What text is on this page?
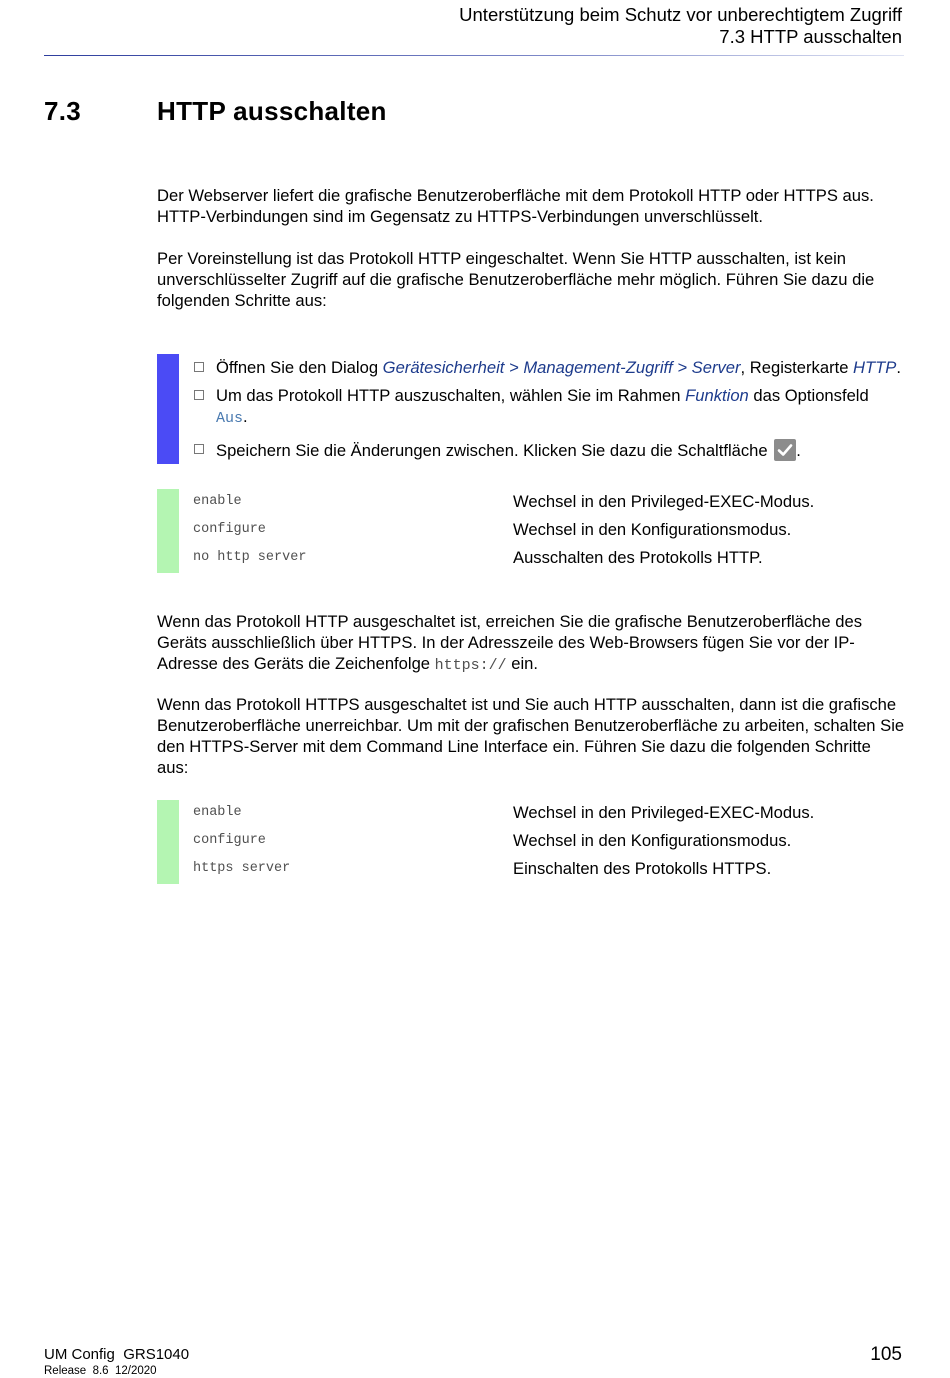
Unterstützung beim Schutz vor unberechtigtem Zugriff
7.3 HTTP ausschalten
7.3	HTTP ausschalten

Der Webserver liefert die grafische Benutzeroberfläche mit dem Protokoll HTTP oder HTTPS aus. HTTP-Verbindungen sind im Gegensatz zu HTTPS-Verbindungen unverschlüsselt.

Per Voreinstellung ist das Protokoll HTTP eingeschaltet. Wenn Sie HTTP ausschalten, ist kein unverschlüsselter Zugriff auf die grafische Benutzeroberfläche mehr möglich. Führen Sie dazu die folgenden Schritte aus:

Öffnen Sie den Dialog Gerätesicherheit > Management-Zugriff > Server, Registerkarte HTTP.
Um das Protokoll HTTP auszuschalten, wählen Sie im Rahmen Funktion das Optionsfeld
Aus.
Speichern Sie die Änderungen zwischen. Klicken Sie dazu die Schaltfläche
.
enable	Wechsel in den Privileged-EXEC-Modus.
configure	Wechsel in den Konfigurationsmodus.
no http server	Ausschalten des Protokolls HTTP.

Wenn das Protokoll HTTP ausgeschaltet ist, erreichen Sie die grafische Benutzeroberfläche des Geräts ausschließlich über HTTPS. In der Adresszeile des Web-Browsers fügen Sie vor der IP-Adresse des Geräts die Zeichenfolge https:// ein.

Wenn das Protokoll HTTPS ausgeschaltet ist und Sie auch HTTP ausschalten, dann ist die grafische Benutzeroberfläche unerreichbar. Um mit der grafischen Benutzeroberfläche zu arbeiten, schalten Sie den HTTPS-Server mit dem Command Line Interface ein. Führen Sie dazu die folgenden Schritte aus:

enable	Wechsel in den Privileged-EXEC-Modus.
configure	Wechsel in den Konfigurationsmodus.
https server	Einschalten des Protokolls HTTPS.
UM Config  GRS1040
Release  8.6  12/2020
105
